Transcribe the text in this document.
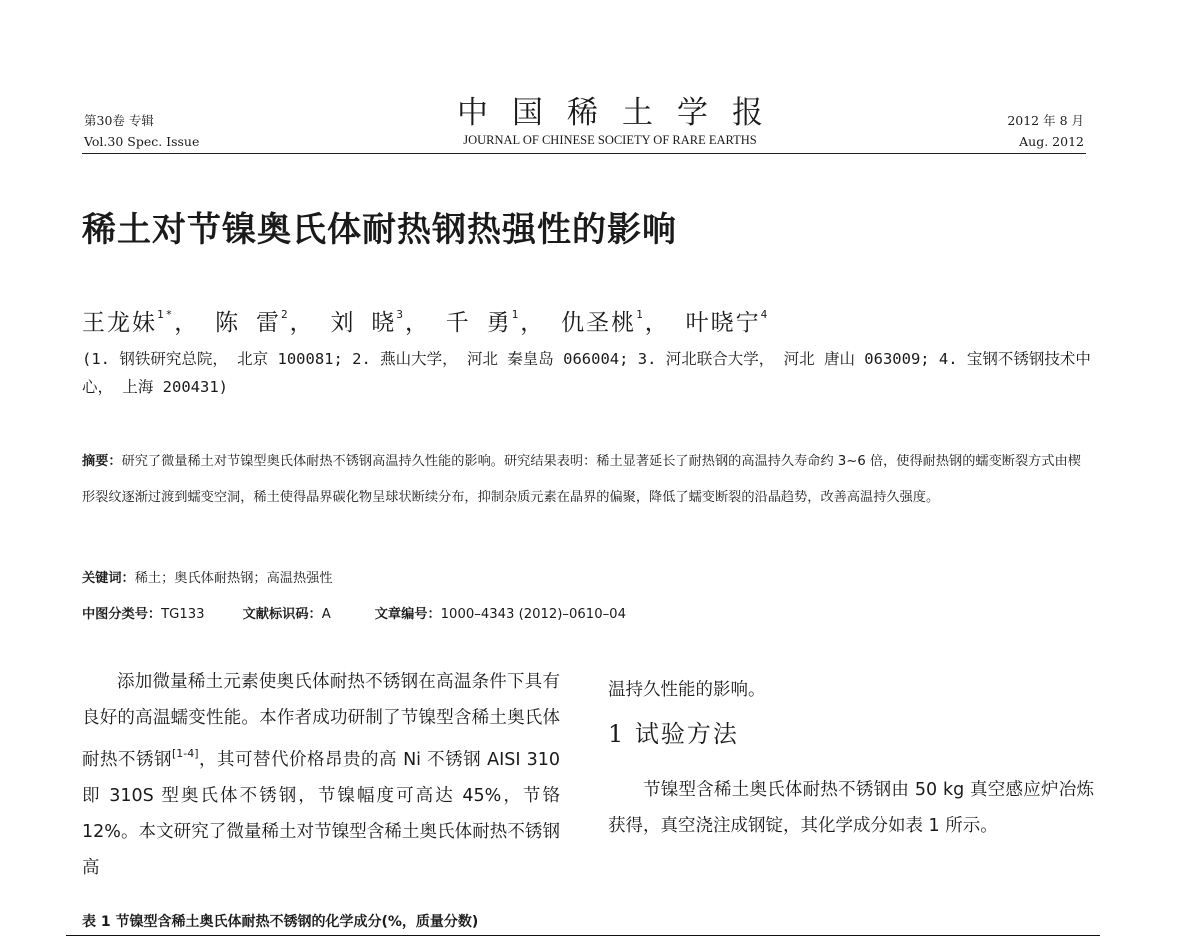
第30卷 专辑
Vol.30 Spec. Issue
中国稀土学报
JOURNAL OF CHINESE SOCIETY OF RARE EARTHS
2012 年 8 月
Aug. 2012
稀土对节镍奥氏体耐热钢热强性的影响
王龙妹$^{1*}$， 陈 雷$^2$， 刘 晓$^3$， 千 勇$^1$， 仇圣桃$^1$， 叶晓宁$^4$
(1. 钢铁研究总院， 北京 100081; 2. 燕山大学， 河北 秦皇岛 066004; 3. 河北联合大学， 河北 唐山 063009; 4. 宝钢不锈钢技术中心， 上海 200431)
摘要：研究了微量稀土对节镍型奥氏体耐热不锈钢高温持久性能的影响。研究结果表明：稀土显著延长了耐热钢的高温持久寿命约 3~6 倍，使得耐热钢的蠕变断裂方式由楔形裂纹逐渐过渡到蠕变空洞，稀土使得晶界碳化物呈球状断续分布，抑制杂质元素在晶界的偏聚，降低了蠕变断裂的沿晶趋势，改善高温持久强度。
关键词：稀土；奥氏体耐热钢；高温热强性
中图分类号：TG133	文献标识码：A	文章编号：1000–4343 (2012)–0610–04
添加微量稀土元素使奥氏体耐热不锈钢在高温条件下具有良好的高温蠕变性能。本作者成功研制了节镍型含稀土奥氏体耐热不锈钢[1-4]，其可替代价格昂贵的高 Ni 不锈钢 AISI 310 即 310S 型奥氏体不锈钢，节镍幅度可高达 45%，节铬 12%。本文研究了微量稀土对节镍型含稀土奥氏体耐热不锈钢高
温持久性能的影响。
1 试验方法
节镍型含稀土奥氏体耐热不锈钢由 50 kg 真空感应炉冶炼获得，真空浇注成钢锭，其化学成分如表 1 所示。
表 1 节镍型含稀土奥氏体耐热不锈钢的化学成分(%，质量分数)
